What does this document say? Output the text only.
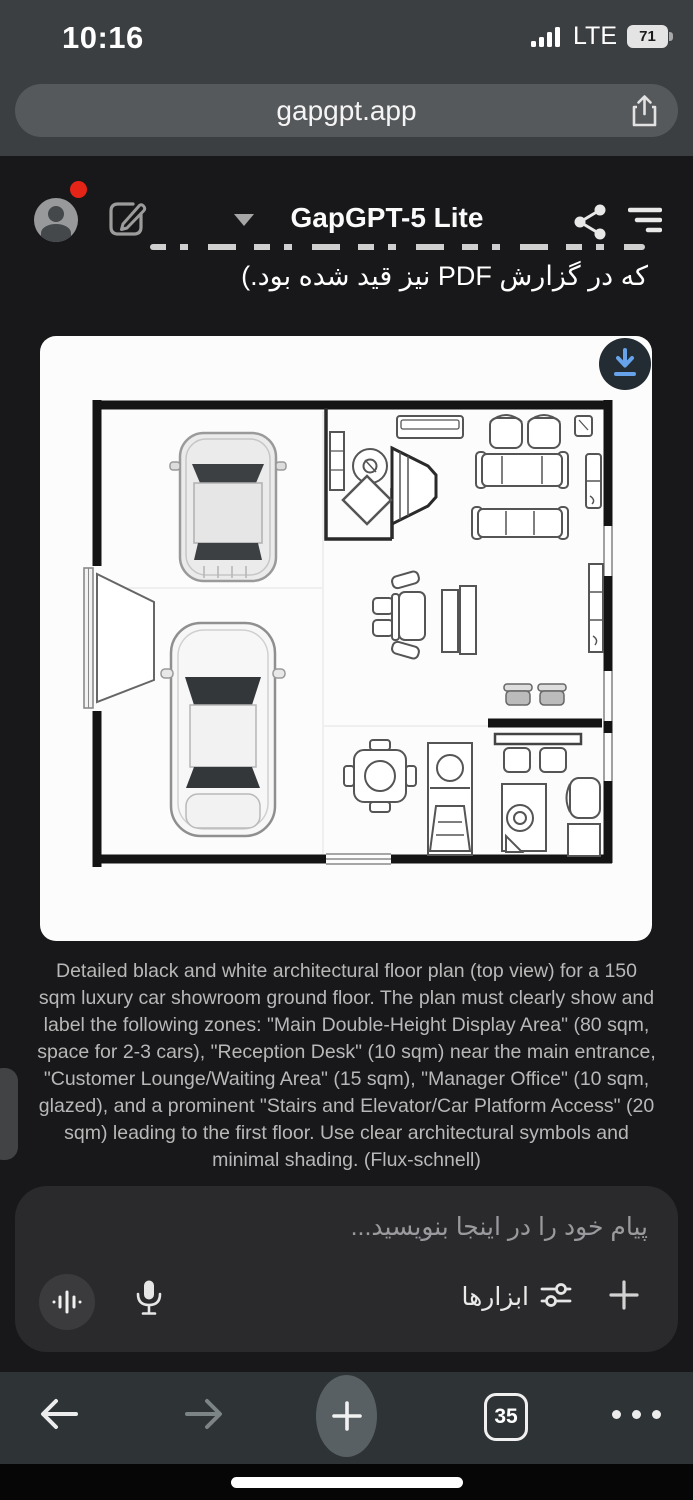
10:16	LTE	71
gapgpt.app
GapGPT-5 Lite
که در گزارش PDF نیز قید شده بود.)
Detailed black and white architectural floor plan (top view) for a 150 sqm luxury car showroom ground floor. The plan must clearly show and label the following zones: "Main Double-Height Display Area" (80 sqm, space for 2-3 cars), "Reception Desk" (10 sqm) near the main entrance, "Customer Lounge/Waiting Area" (15 sqm), "Manager Office" (10 sqm, glazed), and a prominent "Stairs and Elevator/Car Platform Access" (20 sqm) leading to the first floor. Use clear architectural symbols and minimal shading. (Flux-schnell)
پیام خود را در اینجا بنویسید...
ابزارها
35
